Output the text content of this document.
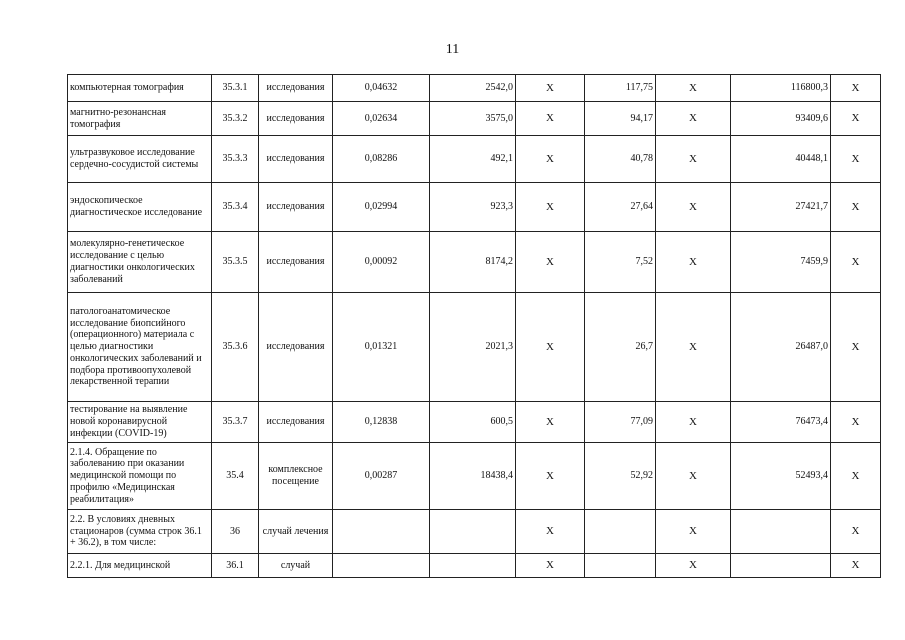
11
компьютерная томография	35.3.1	исследования	0,04632	2542,0	X	117,75	X	116800,3	X
магнитно-резонансная томография	35.3.2	исследования	0,02634	3575,0	X	94,17	X	93409,6	X
ультразвуковое исследование сердечно-сосудистой системы	35.3.3	исследования	0,08286	492,1	X	40,78	X	40448,1	X
эндоскопическое диагностическое исследование	35.3.4	исследования	0,02994	923,3	X	27,64	X	27421,7	X
молекулярно-генетическое исследование с целью диагностики онкологических заболеваний	35.3.5	исследования	0,00092	8174,2	X	7,52	X	7459,9	X
патологоанатомическое исследование биопсийного (операционного) материала с целью диагностики онкологических заболеваний и подбора противоопухолевой лекарственной терапии	35.3.6	исследования	0,01321	2021,3	X	26,7	X	26487,0	X
тестирование на выявление новой коронавирусной инфекции (COVID-19)	35.3.7	исследования	0,12838	600,5	X	77,09	X	76473,4	X
2.1.4. Обращение по заболеванию при оказании медицинской помощи по профилю «Медицинская реабилитация»	35.4	комплексное посещение	0,00287	18438,4	X	52,92	X	52493,4	X
2.2. В условиях дневных стационаров (сумма строк 36.1 + 36.2), в том числе:	36	случай лечения			X		X		X
2.2.1. Для медицинской	36.1	случай			X		X		X
